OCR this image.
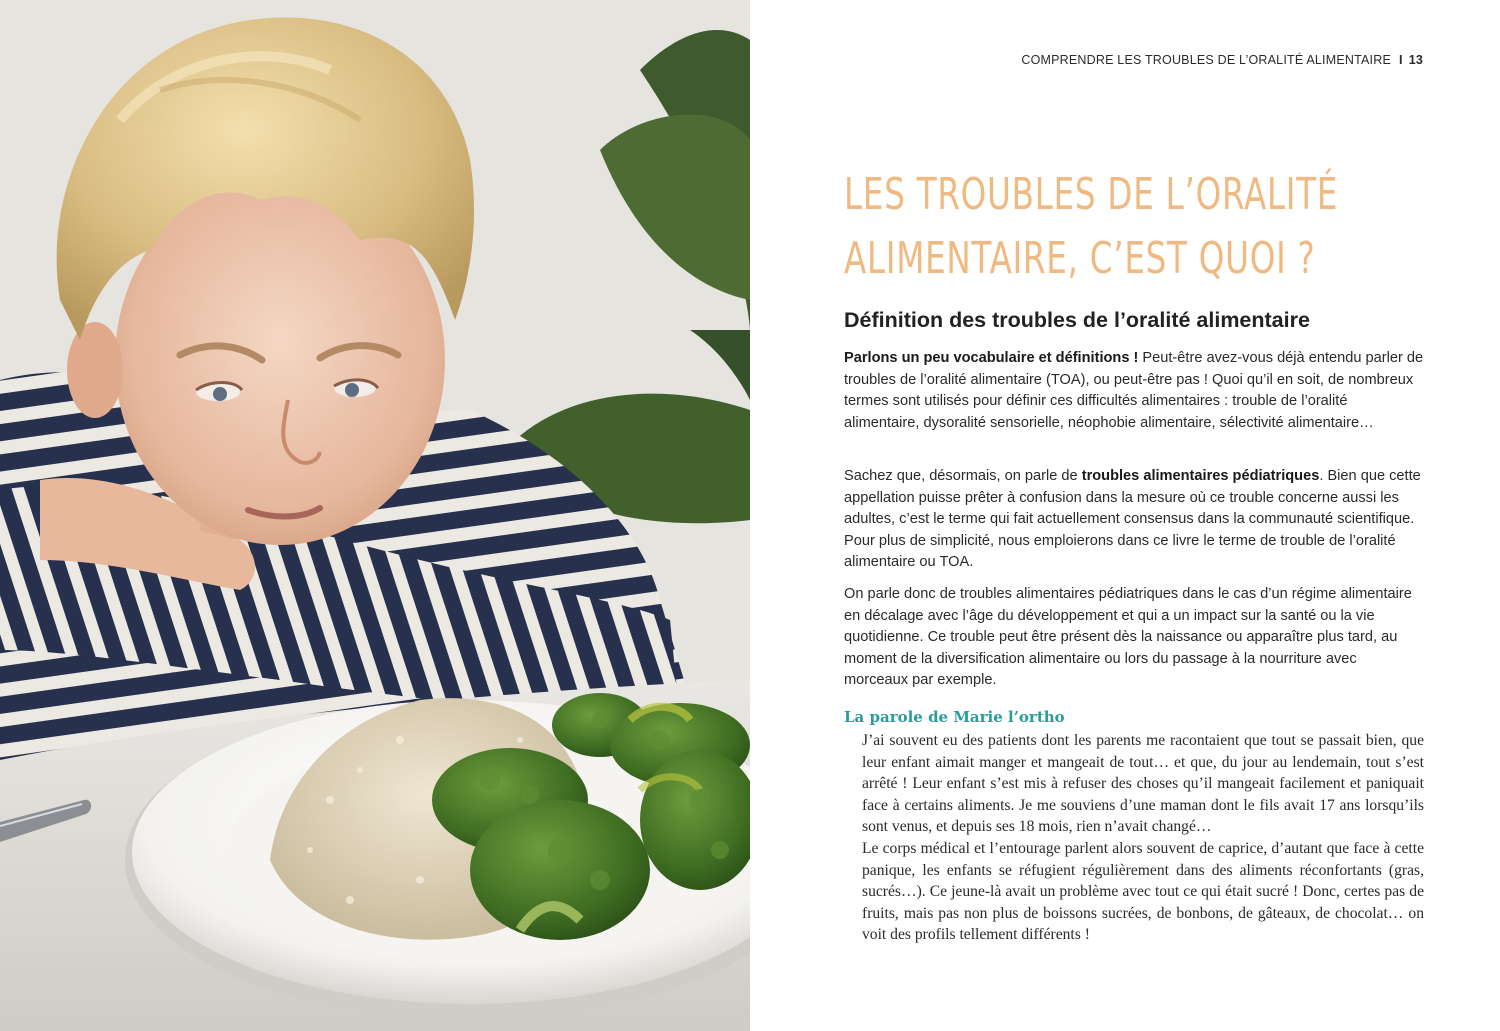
COMPRENDRE LES TROUBLES DE L’ORALITÉ ALIMENTAIRE I 13
LES TROUBLES DE L’ORALITÉ
ALIMENTAIRE, C’EST QUOI ?
Définition des troubles de l’oralité alimentaire

Parlons un peu vocabulaire et définitions ! Peut-être avez-vous déjà entendu parler de troubles de l’oralité alimentaire (TOA), ou peut-être pas ! Quoi qu’il en soit, de nombreux termes sont utilisés pour définir ces difficultés alimentaires : trouble de l’oralité alimentaire, dysoralité sensorielle, néophobie alimentaire, sélectivité alimentaire…

Sachez que, désormais, on parle de troubles alimentaires pédiatriques. Bien que cette appellation puisse prêter à confusion dans la mesure où ce trouble concerne aussi les adultes, c’est le terme qui fait actuellement consensus dans la communauté scientifique. Pour plus de simplicité, nous emploierons dans ce livre le terme de trouble de l’oralité alimentaire ou TOA.

On parle donc de troubles alimentaires pédiatriques dans le cas d’un régime alimentaire en décalage avec l’âge du développement et qui a un impact sur la santé ou la vie quotidienne. Ce trouble peut être présent dès la naissance ou apparaître plus tard, au moment de la diversification alimentaire ou lors du passage à la nourriture avec morceaux par exemple.

La parole de Marie l’ortho

J’ai souvent eu des patients dont les parents me racontaient que tout se passait bien, que leur enfant aimait manger et mangeait de tout… et que, du jour au lendemain, tout s’est arrêté ! Leur enfant s’est mis à refuser des choses qu’il mangeait facilement et paniquait face à certains aliments. Je me souviens d’une maman dont le fils avait 17 ans lorsqu’ils sont venus, et depuis ses 18 mois, rien n’avait changé…

Le corps médical et l’entourage parlent alors souvent de caprice, d’autant que face à cette panique, les enfants se réfugient régulièrement dans des aliments réconfortants (gras, sucrés…). Ce jeune-là avait un problème avec tout ce qui était sucré ! Donc, certes pas de fruits, mais pas non plus de boissons sucrées, de bonbons, de gâteaux, de chocolat… on voit des profils tellement différents !
